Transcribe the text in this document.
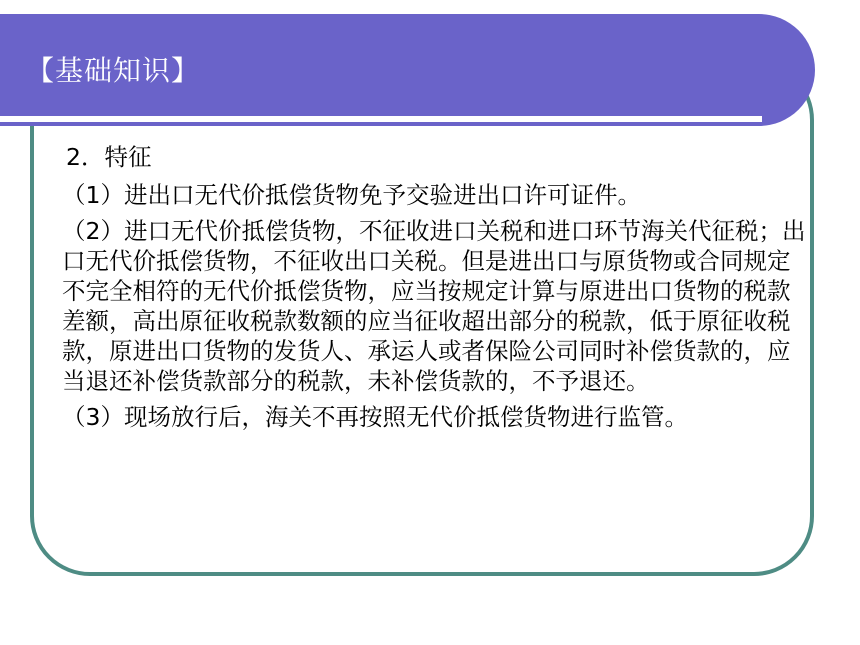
【基础知识】

2．特征

（1）进出口无代价抵偿货物免予交验进出口许可证件。

（2）进口无代价抵偿货物，不征收进口关税和进口环节海关代征税；出口无代价抵偿货物，不征收出口关税。但是进出口与原货物或合同规定不完全相符的无代价抵偿货物，应当按规定计算与原进出口货物的税款差额，高出原征收税款数额的应当征收超出部分的税款，低于原征收税款，原进出口货物的发货人、承运人或者保险公司同时补偿货款的，应当退还补偿货款部分的税款，未补偿货款的，不予退还。

（3）现场放行后，海关不再按照无代价抵偿货物进行监管。
